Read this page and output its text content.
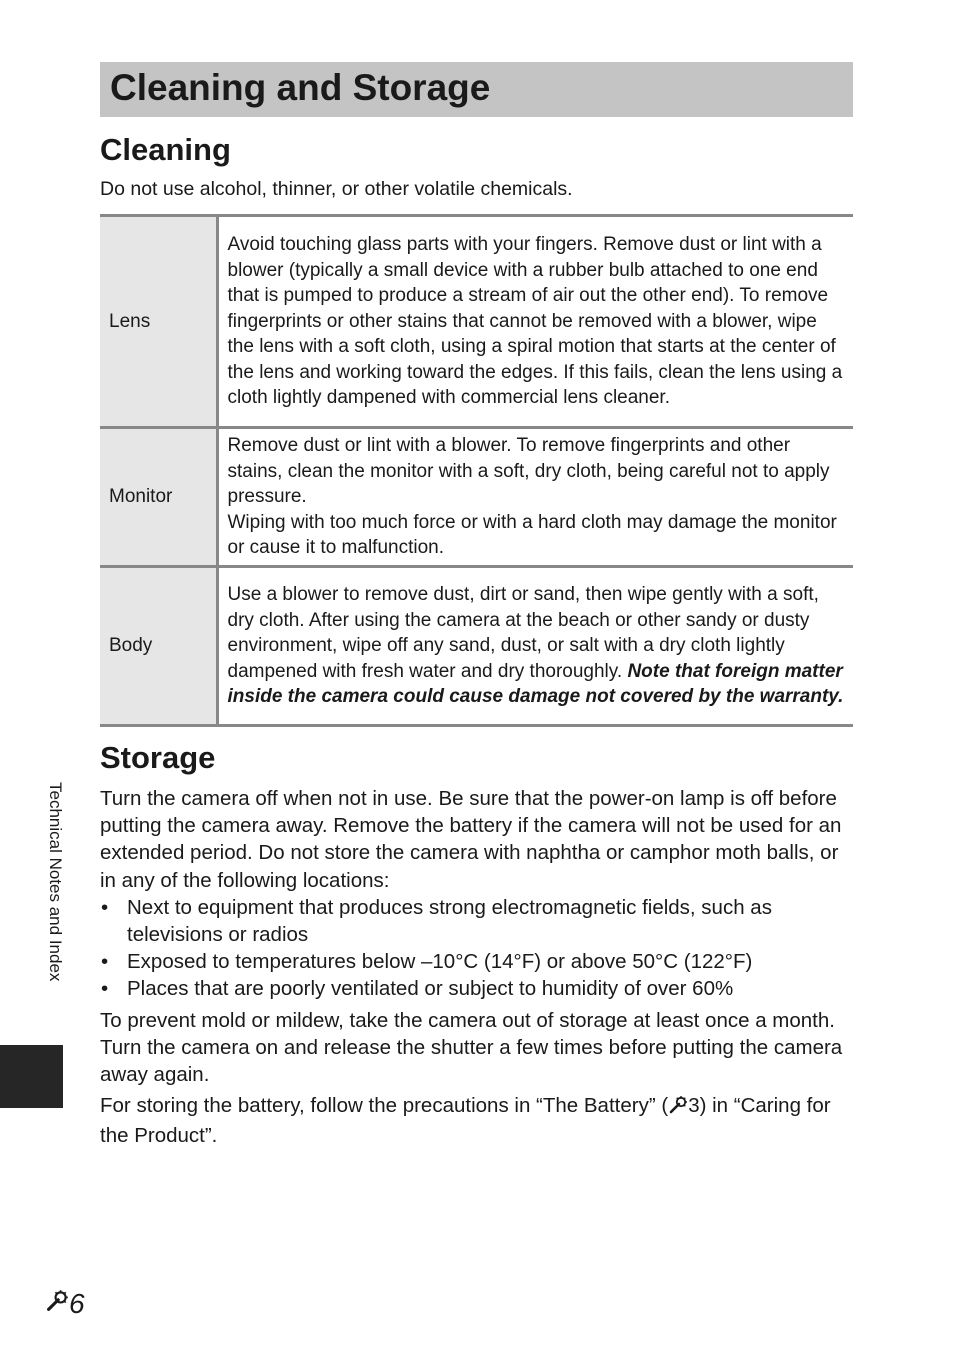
Cleaning and Storage
Cleaning

Do not use alcohol, thinner, or other volatile chemicals.

Lens	Avoid touching glass parts with your fingers. Remove dust or lint with a blower (typically a small device with a rubber bulb attached to one end that is pumped to produce a stream of air out the other end). To remove fingerprints or other stains that cannot be removed with a blower, wipe the lens with a soft cloth, using a spiral motion that starts at the center of the lens and working toward the edges. If this fails, clean the lens using a cloth lightly dampened with commercial lens cleaner.
Monitor	Remove dust or lint with a blower. To remove fingerprints and other stains, clean the monitor with a soft, dry cloth, being careful not to apply pressure.
Wiping with too much force or with a hard cloth may damage the monitor or cause it to malfunction.

Body	Use a blower to remove dust, dirt or sand, then wipe gently with a soft, dry cloth. After using the camera at the beach or other sandy or dusty environment, wipe off any sand, dust, or salt with a dry cloth lightly dampened with fresh water and dry thoroughly. Note that foreign matter inside the camera could cause damage not covered by the warranty.
Storage

Turn the camera off when not in use. Be sure that the power-on lamp is off before putting the camera away. Remove the battery if the camera will not be used for an extended period. Do not store the camera with naphtha or camphor moth balls, or in any of the following locations:

• Next to equipment that produces strong electromagnetic fields, such as televisions or radios
• Exposed to temperatures below –10°C (14°F) or above 50°C (122°F)
• Places that are poorly ventilated or subject to humidity of over 60%

To prevent mold or mildew, take the camera out of storage at least once a month. Turn the camera on and release the shutter a few times before putting the camera away again.

For storing the battery, follow the precautions in “The Battery” ( 3) in “Caring for the Product”.

Technical Notes and Index
6
